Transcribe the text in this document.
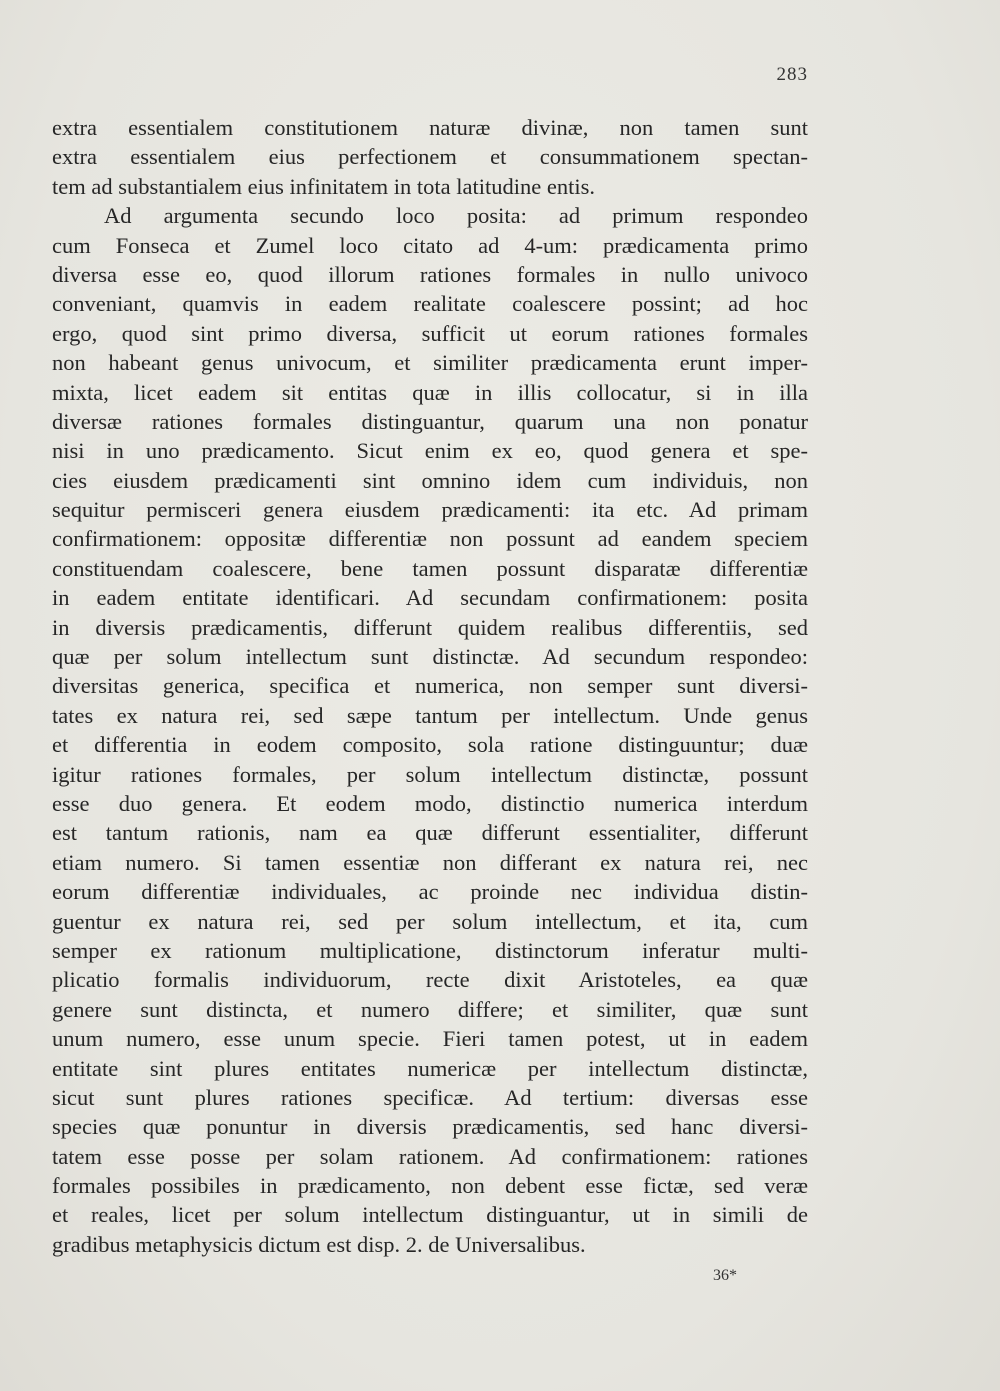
283
extra essentialem constitutionem naturæ divinæ, non tamen sunt
extra essentialem eius perfectionem et consummationem spectan-
tem ad substantialem eius infinitatem in tota latitudine entis.
Ad argumenta secundo loco posita: ad primum respondeo
cum Fonseca et Zumel loco citato ad 4-um: prædicamenta primo
diversa esse eo, quod illorum rationes formales in nullo univoco
conveniant, quamvis in eadem realitate coalescere possint; ad hoc
ergo, quod sint primo diversa, sufficit ut eorum rationes formales
non habeant genus univocum, et similiter prædicamenta erunt imper-
mixta, licet eadem sit entitas quæ in illis collocatur, si in illa
diversæ rationes formales distinguantur, quarum una non ponatur
nisi in uno prædicamento. Sicut enim ex eo, quod genera et spe-
cies eiusdem prædicamenti sint omnino idem cum individuis, non
sequitur permisceri genera eiusdem prædicamenti: ita etc. Ad primam
confirmationem: oppositæ differentiæ non possunt ad eandem speciem
constituendam coalescere, bene tamen possunt disparatæ differentiæ
in eadem entitate identificari. Ad secundam confirmationem: posita
in diversis prædicamentis, differunt quidem realibus differentiis, sed
quæ per solum intellectum sunt distinctæ. Ad secundum respondeo:
diversitas generica, specifica et numerica, non semper sunt diversi-
tates ex natura rei, sed sæpe tantum per intellectum. Unde genus
et differentia in eodem composito, sola ratione distinguuntur; duæ
igitur rationes formales, per solum intellectum distinctæ, possunt
esse duo genera. Et eodem modo, distinctio numerica interdum
est tantum rationis, nam ea quæ differunt essentialiter, differunt
etiam numero. Si tamen essentiæ non differant ex natura rei, nec
eorum differentiæ individuales, ac proinde nec individua distin-
guentur ex natura rei, sed per solum intellectum, et ita, cum
semper ex rationum multiplicatione, distinctorum inferatur multi-
plicatio formalis individuorum, recte dixit Aristoteles, ea quæ
genere sunt distincta, et numero differe; et similiter, quæ sunt
unum numero, esse unum specie. Fieri tamen potest, ut in eadem
entitate sint plures entitates numericæ per intellectum distinctæ,
sicut sunt plures rationes specificæ. Ad tertium: diversas esse
species quæ ponuntur in diversis prædicamentis, sed hanc diversi-
tatem esse posse per solam rationem. Ad confirmationem: rationes
formales possibiles in prædicamento, non debent esse fictæ, sed veræ
et reales, licet per solum intellectum distinguantur, ut in simili de
gradibus metaphysicis dictum est disp. 2. de Universalibus.
36*
